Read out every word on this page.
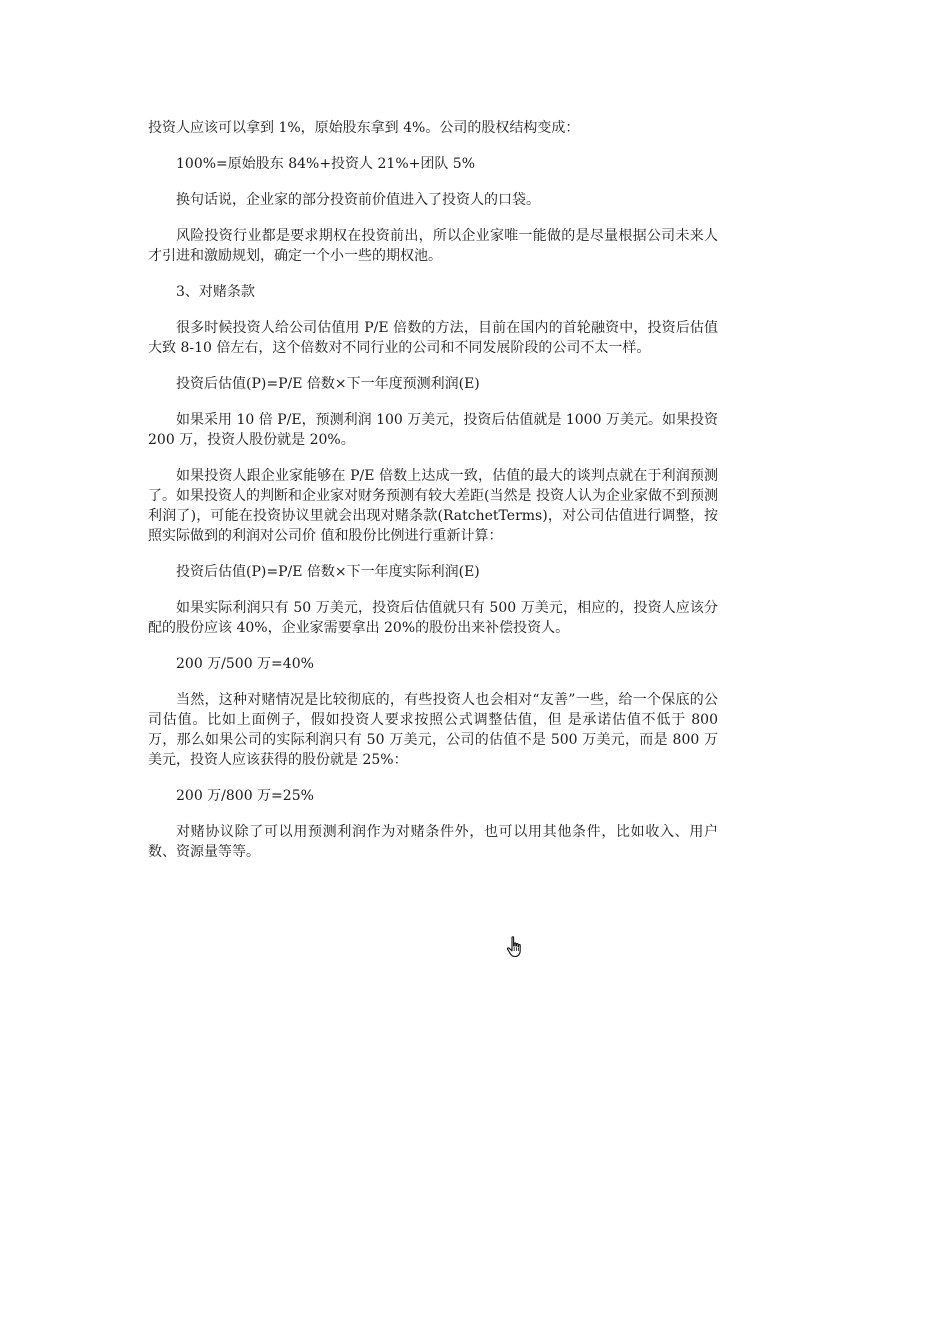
投资人应该可以拿到 1%，原始股东拿到 4%。公司的股权结构变成：

100%=原始股东 84%+投资人 21%+团队 5%

换句话说，企业家的部分投资前价值进入了投资人的口袋。

风险投资行业都是要求期权在投资前出，所以企业家唯一能做的是尽量根据公司未来人才引进和激励规划，确定一个小一些的期权池。

3、对赌条款

很多时候投资人给公司估值用 P/E 倍数的方法，目前在国内的首轮融资中，投资后估值大致 8-10 倍左右，这个倍数对不同行业的公司和不同发展阶段的公司不太一样。

投资后估值(P)=P/E 倍数×下一年度预测利润(E)

如果采用 10 倍 P/E，预测利润 100 万美元，投资后估值就是 1000 万美元。如果投资 200 万，投资人股份就是 20%。

如果投资人跟企业家能够在 P/E 倍数上达成一致，估值的最大的谈判点就在于利润预测了。如果投资人的判断和企业家对财务预测有较大差距(当然是 投资人认为企业家做不到预测利润了)，可能在投资协议里就会出现对赌条款(RatchetTerms)，对公司估值进行调整，按照实际做到的利润对公司价 值和股份比例进行重新计算：

投资后估值(P)=P/E 倍数×下一年度实际利润(E)

如果实际利润只有 50 万美元，投资后估值就只有 500 万美元，相应的，投资人应该分配的股份应该 40%，企业家需要拿出 20%的股份出来补偿投资人。

200 万/500 万=40%

当然，这种对赌情况是比较彻底的，有些投资人也会相对“友善”一些，给一个保底的公司估值。比如上面例子，假如投资人要求按照公式调整估值，但 是承诺估值不低于 800 万，那么如果公司的实际利润只有 50 万美元，公司的估值不是 500 万美元，而是 800 万美元，投资人应该获得的股份就是 25%：

200 万/800 万=25%

对赌协议除了可以用预测利润作为对赌条件外，也可以用其他条件，比如收入、用户数、资源量等等。
